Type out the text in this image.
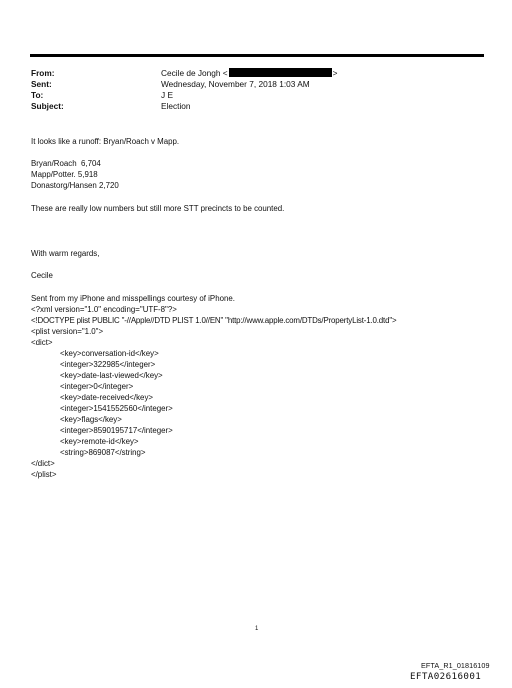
From:	Cecile de Jongh <	>
Sent:	Wednesday, November 7, 2018 1:03 AM
To:	J E
Subject:	Election
It looks like a runoff: Bryan/Roach v Mapp.
Bryan/Roach  6,704
Mapp/Potter. 5,918
Donastorg/Hansen 2,720
These are really low numbers but still more STT precincts to be counted.
With warm regards,
Cecile
Sent from my iPhone and misspellings courtesy of iPhone.
<?xml version="1.0" encoding="UTF-8"?>
<!DOCTYPE plist PUBLIC "-//Apple//DTD PLIST 1.0//EN" "http://www.apple.com/DTDs/PropertyList-1.0.dtd">
<plist version="1.0">
<dict>
<key>conversation-id</key>
<integer>322985</integer>
<key>date-last-viewed</key>
<integer>0</integer>
<key>date-received</key>
<integer>1541552560</integer>
<key>flags</key>
<integer>8590195717</integer>
<key>remote-id</key>
<string>869087</string>
</dict>
</plist>
1
EFTA_R1_01816109
EFTA02616001
